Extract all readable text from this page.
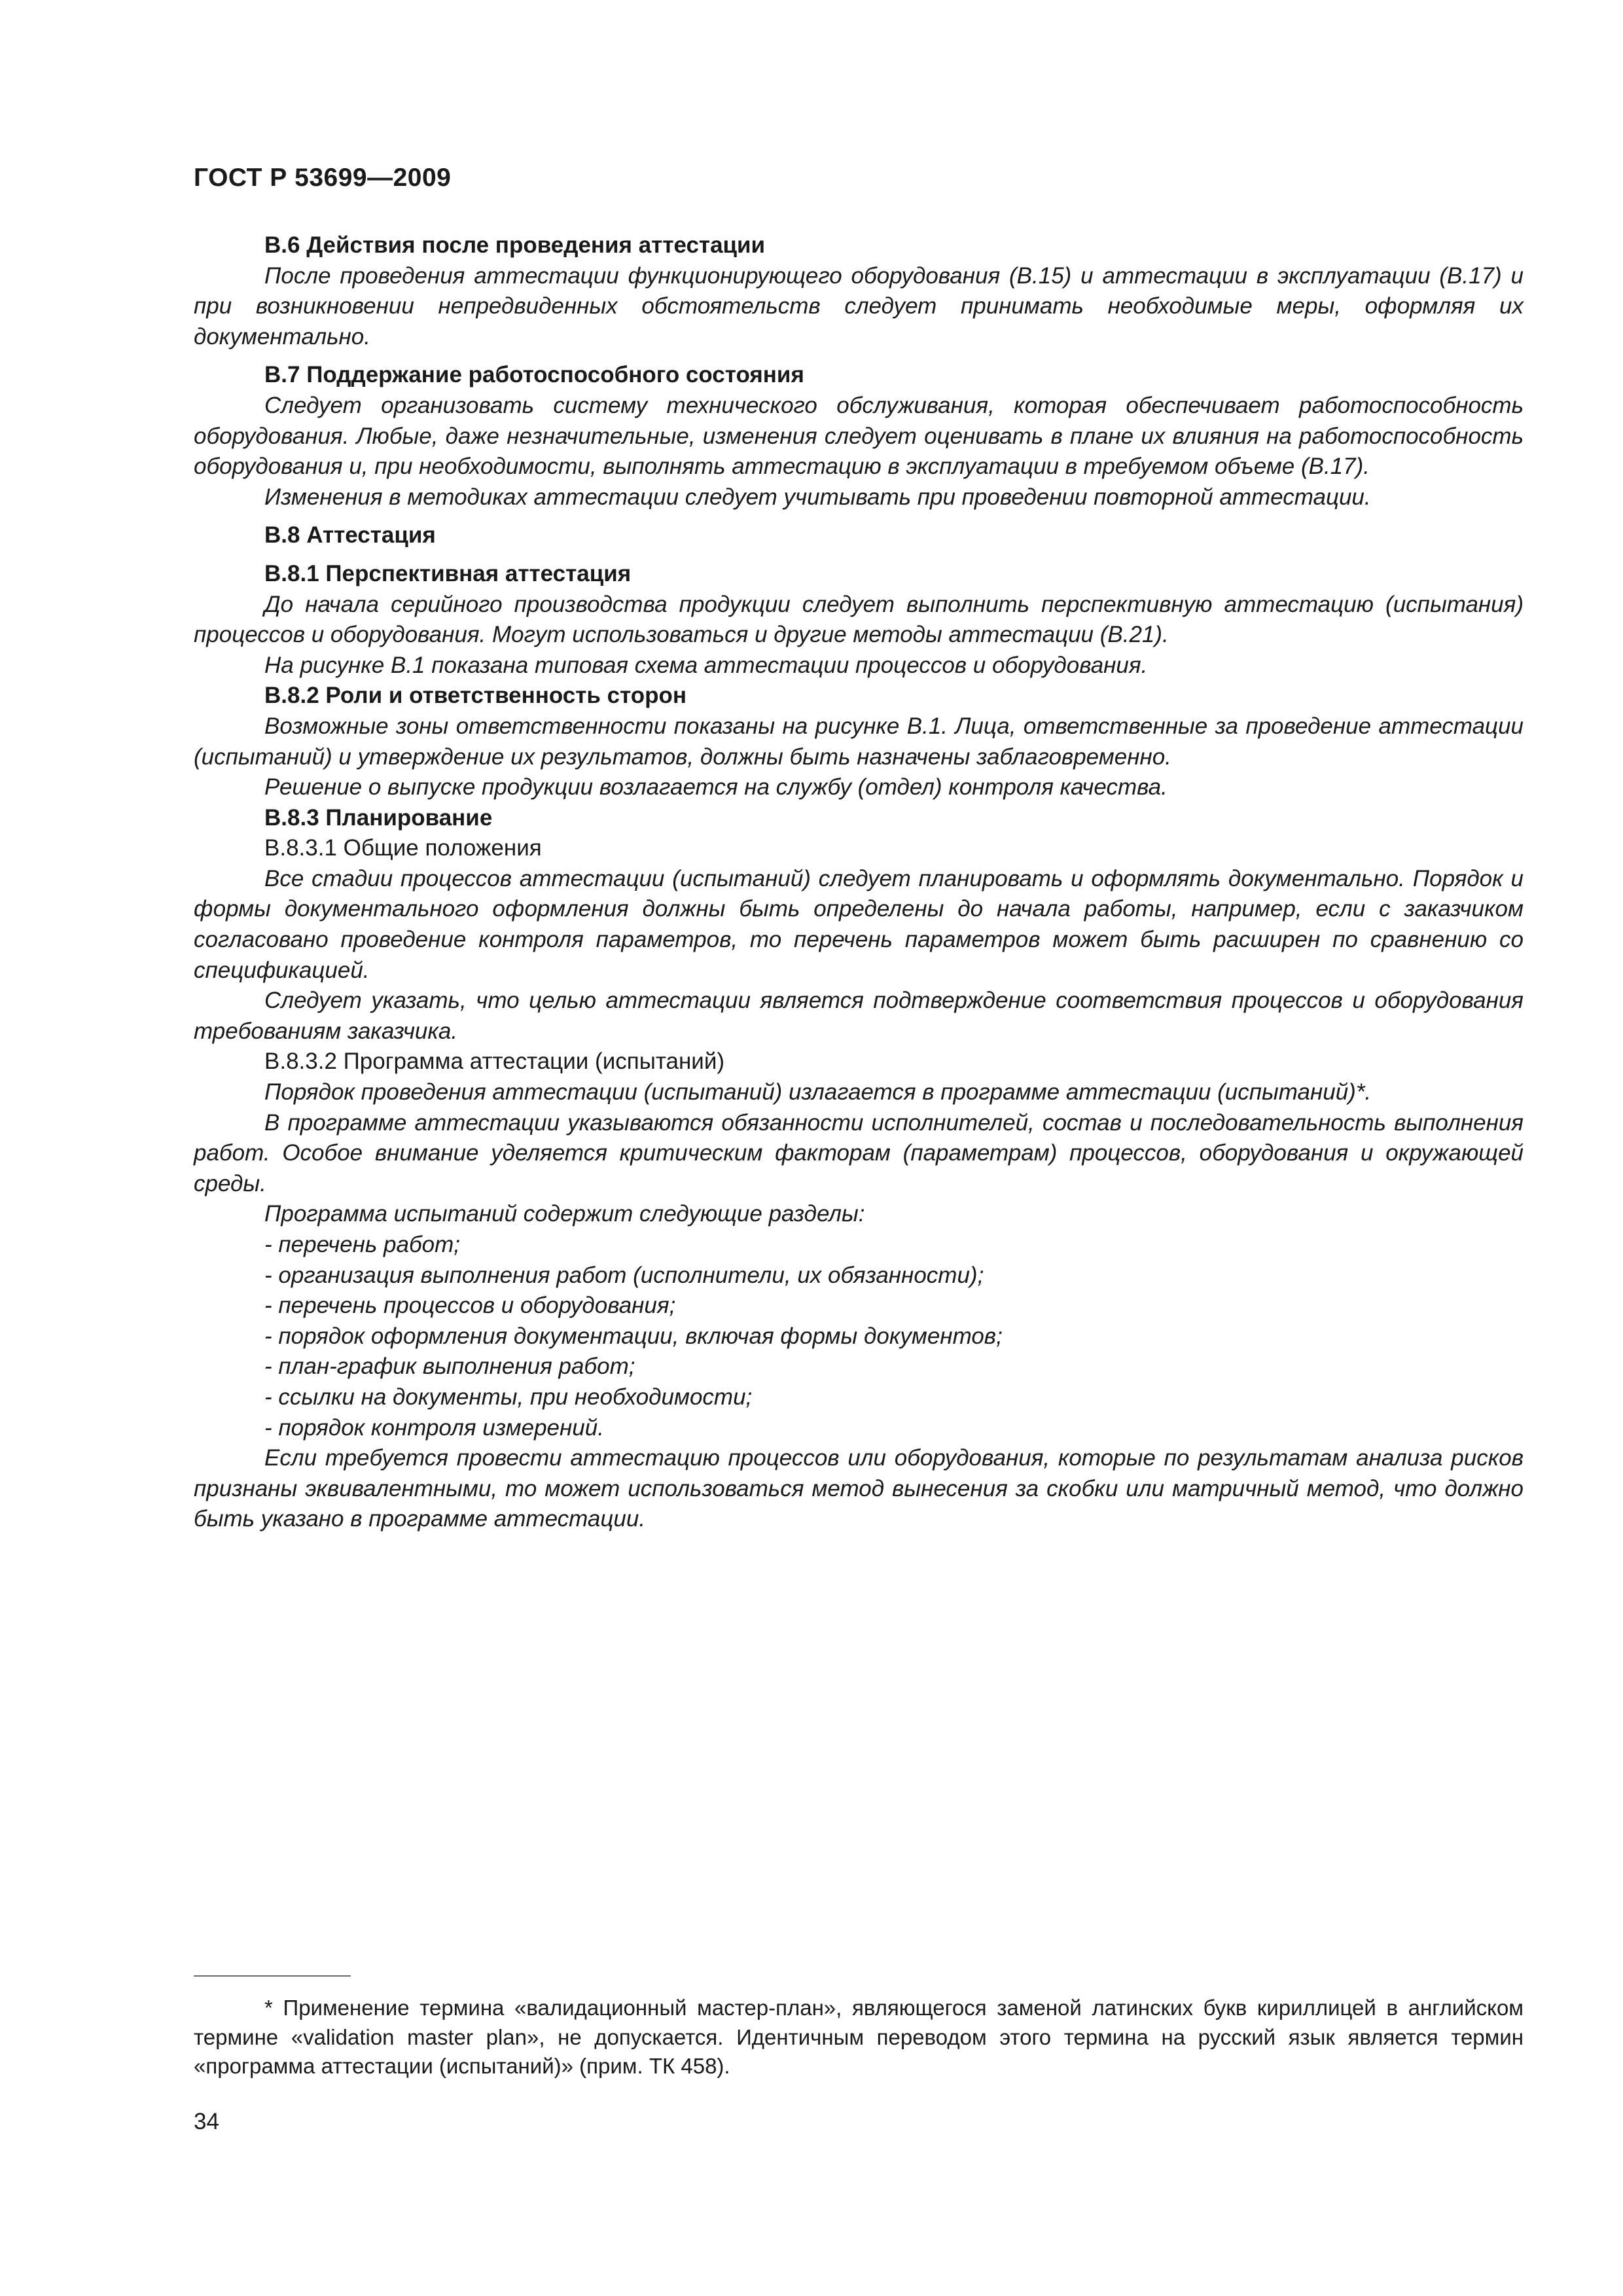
ГОСТ Р 53699—2009

В.6 Действия после проведения аттестации

После проведения аттестации функционирующего оборудования (В.15) и аттестации в эксплуатации (В.17) и при возникновении непредвиденных обстоятельств следует принимать необходимые меры, оформляя их документально.

В.7 Поддержание работоспособного состояния

Следует организовать систему технического обслуживания, которая обеспечивает работоспособность оборудования. Любые, даже незначительные, изменения следует оценивать в плане их влияния на работоспособность оборудования и, при необходимости, выполнять аттестацию в эксплуатации в требуемом объеме (В.17).

Изменения в методиках аттестации следует учитывать при проведении повторной аттестации.

В.8 Аттестация

В.8.1 Перспективная аттестация

До начала серийного производства продукции следует выполнить перспективную аттестацию (испытания) процессов и оборудования. Могут использоваться и другие методы аттестации (В.21).

На рисунке В.1 показана типовая схема аттестации процессов и оборудования.

В.8.2 Роли и ответственность сторон

Возможные зоны ответственности показаны на рисунке В.1. Лица, ответственные за проведение аттестации (испытаний) и утверждение их результатов, должны быть назначены заблаговременно.

Решение о выпуске продукции возлагается на службу (отдел) контроля качества.

В.8.3 Планирование

В.8.3.1 Общие положения

Все стадии процессов аттестации (испытаний) следует планировать и оформлять документально. Порядок и формы документального оформления должны быть определены до начала работы, например, если с заказчиком согласовано проведение контроля параметров, то перечень параметров может быть расширен по сравнению со спецификацией.

Следует указать, что целью аттестации является подтверждение соответствия процессов и оборудования требованиям заказчика.

В.8.3.2 Программа аттестации (испытаний)

Порядок проведения аттестации (испытаний) излагается в программе аттестации (испытаний)*.

В программе аттестации указываются обязанности исполнителей, состав и последовательность выполнения работ. Особое внимание уделяется критическим факторам (параметрам) процессов, оборудования и окружающей среды.

Программа испытаний содержит следующие разделы:

- перечень работ;

- организация выполнения работ (исполнители, их обязанности);

- перечень процессов и оборудования;

- порядок оформления документации, включая формы документов;

- план-график выполнения работ;

- ссылки на документы, при необходимости;

- порядок контроля измерений.

Если требуется провести аттестацию процессов или оборудования, которые по результатам анализа рисков признаны эквивалентными, то может использоваться метод вынесения за скобки или матричный метод, что должно быть указано в программе аттестации.

* Применение термина «валидационный мастер-план», являющегося заменой латинских букв кириллицей в английском термине «validation master plan», не допускается. Идентичным переводом этого термина на русский язык является термин «программа аттестации (испытаний)» (прим. ТК 458).

34
